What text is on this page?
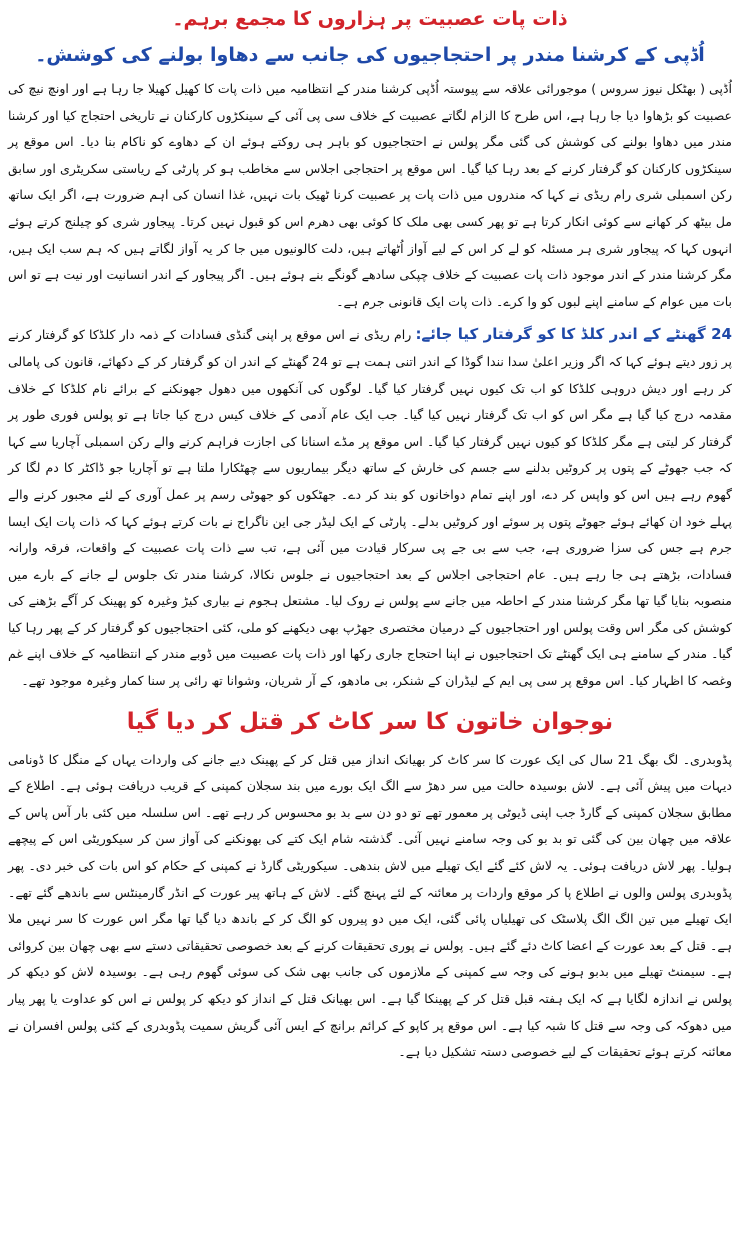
ذات پات عصبیت پر ہزاروں کا مجمع برہم۔
اُڈپی کے کرشنا مندر پر احتجاجیوں کی جانب سے دھاوا بولنے کی کوشش۔

اُڈپی ( بھٹکل نیوز سروس ) موجورائی علاقہ سے پیوستہ اُڈپی کرشنا مندر کے انتظامیہ میں ذات پات کا کھیل کھیلا جا رہا ہے اور اونچ نیچ کی عصبیت کو بڑھاوا دیا جا رہا ہے، اس طرح کا الزام لگاتے عصبیت کے خلاف سی پی آئی کے سینکڑوں کارکنان نے تاریخی احتجاج کیا اور کرشنا مندر میں دھاوا بولنے کی کوشش کی گئی مگر پولس نے احتجاجیوں کو باہر ہی روکتے ہوئے ان کے دھاوے کو ناکام بنا دیا۔ اس موقع پر سینکڑوں کارکنان کو گرفتار کرنے کے بعد رہا کیا گیا۔ اس موقع پر احتجاجی اجلاس سے مخاطب ہو کر پارٹی کے ریاستی سکریٹری اور سابق رکن اسمبلی شری رام ریڈی نے کہا کہ مندروں میں ذات پات پر عصبیت کرنا ٹھیک بات نہیں، غذا انسان کی اہم ضرورت ہے، اگر ایک ساتھ مل بیٹھ کر کھانے سے کوئی انکار کرتا ہے تو پھر کسی بھی ملک کا کوئی بھی دھرم اس کو قبول نہیں کرتا۔ پیجاور شری کو چیلنج کرتے ہوئے انہوں کہا کہ پیجاور شری ہر مسئلہ کو لے کر اس کے لیے آواز اُٹھاتے ہیں، دلت کالونیوں میں جا کر یہ آواز لگاتے ہیں کہ ہم سب ایک ہیں، مگر کرشنا مندر کے اندر موجود ذات پات عصبیت کے خلاف چپکی سادھے گونگے بنے ہوئے ہیں۔ اگر پیجاور کے اندر انسانیت اور نیت ہے تو اس بات میں عوام کے سامنے اپنے لبوں کو وا کرے۔ ذات پات ایک قانونی جرم ہے۔

24 گھنٹے کے اندر کلڈ کا کو گرفتار کیا جائے: رام ریڈی نے اس موقع پر اپنی گنڈی فسادات کے ذمہ دار کلڈکا کو گرفتار کرنے پر زور دیتے ہوئے کہا کہ اگر وزیر اعلیٰ سدا نندا گوڈا کے اندر اتنی ہمت ہے تو 24 گھنٹے کے اندر ان کو گرفتار کر کے دکھائے، قانون کی پامالی کر رہے اور دیش دروہی کلڈکا کو اب تک کیوں نہیں گرفتار کیا گیا۔ لوگوں کی آنکھوں میں دھول جھونکنے کے برائے نام کلڈکا کے خلاف مقدمہ درج کیا گیا ہے مگر اس کو اب تک گرفتار نہیں کیا گیا۔ جب ایک عام آدمی کے خلاف کیس درج کیا جاتا ہے تو پولس فوری طور پر گرفتار کر لیتی ہے مگر کلڈکا کو کیوں نہیں گرفتار کیا گیا۔ اس موقع پر مڈے اسنانا کی اجازت فراہم کرنے والے رکن اسمبلی آچاریا سے کہا کہ جب جھوٹے کے پتوں پر کروٹیں بدلنے سے جسم کی خارش کے ساتھ دیگر بیماریوں سے چھٹکارا ملتا ہے تو آچاریا جو ڈاکٹر کا دم لگا کر گھوم رہے ہیں اس کو واپس کر دے، اور اپنے تمام دواخانوں کو بند کر دے۔ جھٹکوں کو جھوٹی رسم پر عمل آوری کے لئے مجبور کرنے والے پہلے خود ان کھائے ہوئے جھوٹے پتوں پر سوئے اور کروٹیں بدلے۔ پارٹی کے ایک لیڈر جی این ناگراج نے بات کرتے ہوئے کہا کہ ذات پات ایک ایسا جرم ہے جس کی سزا ضروری ہے، جب سے بی جے پی سرکار قیادت میں آئی ہے، تب سے ذات پات عصبیت کے واقعات، فرقہ وارانہ فسادات، بڑھتے ہی جا رہے ہیں۔ عام احتجاجی اجلاس کے بعد احتجاجیوں نے جلوس نکالا، کرشنا مندر تک جلوس لے جانے کے بارے میں منصوبہ بنایا گیا تھا مگر کرشنا مندر کے احاطہ میں جانے سے پولس نے روک لیا۔ مشتعل ہجوم نے بیاری کیڑ وغیرہ کو پھینک کر آگے بڑھنے کی کوشش کی مگر اس وقت پولس اور احتجاجیوں کے درمیان مختصری جھڑپ بھی دیکھنے کو ملی، کئی احتجاجیوں کو گرفتار کر کے پھر رہا کیا گیا۔ مندر کے سامنے ہی ایک گھنٹے تک احتجاجیوں نے اپنا احتجاج جاری رکھا اور ذات پات عصبیت میں ڈوبے مندر کے انتظامیہ کے خلاف اپنے غم وغصہ کا اظہار کیا۔ اس موقع پر سی پی ایم کے لیڈران کے شنکر، بی مادھو، کے آر شریان، وشوانا تھ رائی پر سنا کمار وغیرہ موجود تھے۔

نوجوان خاتون کا سر کاٹ کر قتل کر دیا گیا

پڈوبدری۔ لگ بھگ 21 سال کی ایک عورت کا سر کاٹ کر بھیانک انداز میں قتل کر کے پھینک دیے جانے کی واردات یہاں کے منگل کا ڈونامی دیہات میں پیش آئی ہے۔ لاش بوسیدہ حالت میں سر دھڑ سے الگ ایک بورے میں بند سجلان کمپنی کے قریب دریافت ہوئی ہے۔ اطلاع کے مطابق سجلان کمپنی کے گارڈ جب اپنی ڈیوٹی پر معمور تھے تو دو دن سے بد بو محسوس کر رہے تھے۔ اس سلسلہ میں کئی بار آس پاس کے علاقہ میں چھان بین کی گئی تو بد بو کی وجہ سامنے نہیں آئی۔ گذشتہ شام ایک کتے کی بھونکنے کی آواز سن کر سیکوریٹی اس کے پیچھے ہولیا۔ پھر لاش دریافت ہوئی۔ یہ لاش کئے گئے ایک تھیلے میں لاش بندھی۔ سیکوریٹی گارڈ نے کمپنی کے حکام کو اس بات کی خبر دی۔ پھر پڈوبدری پولس والوں نے اطلاع پا کر موقع واردات پر معائنہ کے لئے پہنچ گئے۔ لاش کے ہاتھ پیر عورت کے انڈر گارمینٹس سے باندھے گئے تھے۔ ایک تھیلے میں تین الگ الگ پلاسٹک کی تھیلیاں پائی گئی، ایک میں دو پیروں کو الگ کر کے باندھ دیا گیا تھا مگر اس عورت کا سر نہیں ملا ہے۔ قتل کے بعد عورت کے اعضا کاٹ دئے گئے ہیں۔ پولس نے پوری تحقیقات کرنے کے بعد خصوصی تحقیقاتی دستے سے بھی چھان بین کروائی ہے۔ سیمنٹ تھیلے میں بدبو ہونے کی وجہ سے کمپنی کے ملازموں کی جانب بھی شک کی سوئی گھوم رہی ہے۔ بوسیدہ لاش کو دیکھ کر پولس نے اندازہ لگایا ہے کہ ایک ہفتہ قبل قتل کر کے پھینکا گیا ہے۔ اس بھیانک قتل کے انداز کو دیکھ کر پولس نے اس کو عداوت یا پھر پیار میں دھوکہ کی وجہ سے قتل کا شبہ کیا ہے۔ اس موقع پر کاپو کے کرائم برانچ کے ایس آئی گریش سمیت پڈوبدری کے کئی پولس افسران نے معائنہ کرتے ہوئے تحقیقات کے لیے خصوصی دستہ تشکیل دیا ہے۔
